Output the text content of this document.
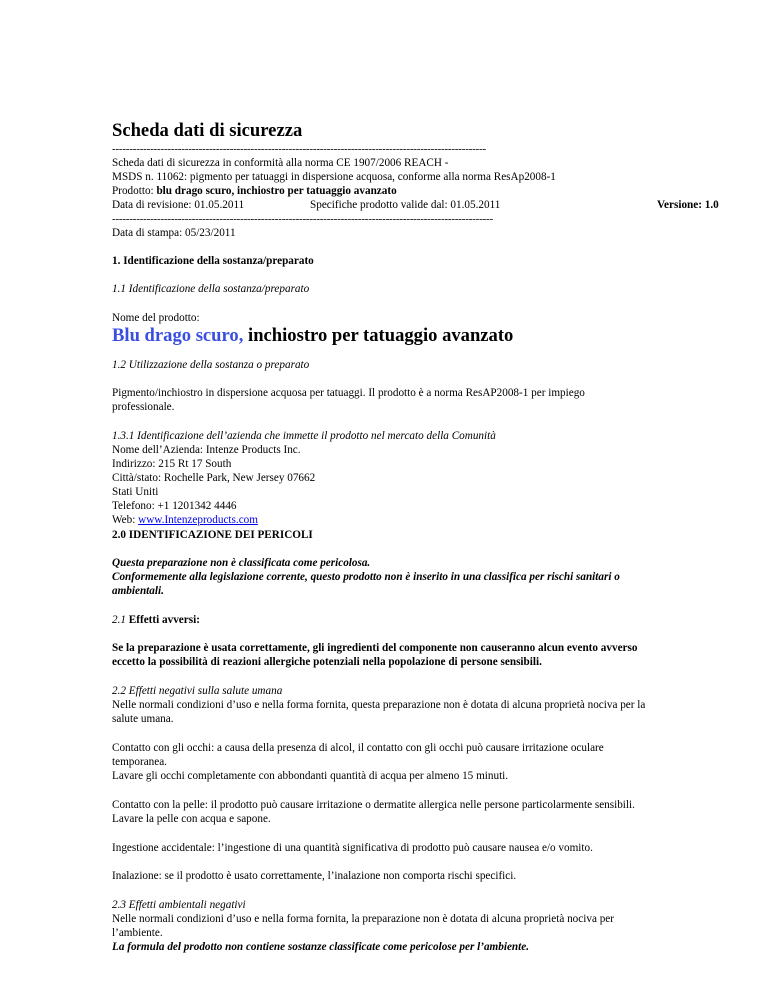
Scheda dati di sicurezza
------------------------------------------------------------------------------------------------------------
Scheda dati di sicurezza in conformità alla norma CE 1907/2006 REACH -
MSDS n. 11062: pigmento per tatuaggi in dispersione acquosa, conforme alla norma ResAp2008-1
Prodotto: blu drago scuro, inchiostro per tatuaggio avanzato
Data di revisione: 01.05.2011	Specifiche prodotto valide dal: 01.05.2011	Versione: 1.0
--------------------------------------------------------------------------------------------------------------
Data di stampa: 05/23/2011
1. Identificazione della sostanza/preparato
1.1 Identificazione della sostanza/preparato
Nome del prodotto:
Blu drago scuro, inchiostro per tatuaggio avanzato
1.2 Utilizzazione della sostanza o preparato
Pigmento/inchiostro in dispersione acquosa per tatuaggi. Il prodotto è a norma ResAP2008-1 per impiego
professionale.
1.3.1 Identificazione dell’azienda che immette il prodotto nel mercato della Comunità
Nome dell’Azienda: Intenze Products Inc.
Indirizzo: 215 Rt 17 South
Città/stato: Rochelle Park, New Jersey 07662
Stati Uniti
Telefono: +1 1201342 4446
Web: www.Intenzeproducts.com
2.0 IDENTIFICAZIONE DEI PERICOLI
Questa preparazione non è classificata come pericolosa.
Conformemente alla legislazione corrente, questo prodotto non è inserito in una classifica per rischi sanitari o
ambientali.
2.1 Effetti avversi:
Se la preparazione è usata correttamente, gli ingredienti del componente non causeranno alcun evento avverso
eccetto la possibilità di reazioni allergiche potenziali nella popolazione di persone sensibili.
2.2 Effetti negativi sulla salute umana
Nelle normali condizioni d’uso e nella forma fornita, questa preparazione non è dotata di alcuna proprietà nociva per la
salute umana.
Contatto con gli occhi: a causa della presenza di alcol, il contatto con gli occhi può causare irritazione oculare
temporanea.
Lavare gli occhi completamente con abbondanti quantità di acqua per almeno 15 minuti.
Contatto con la pelle: il prodotto può causare irritazione o dermatite allergica nelle persone particolarmente sensibili.
Lavare la pelle con acqua e sapone.
Ingestione accidentale: l’ingestione di una quantità significativa di prodotto può causare nausea e/o vomito.
Inalazione: se il prodotto è usato correttamente, l’inalazione non comporta rischi specifici.
2.3 Effetti ambientali negativi
Nelle normali condizioni d’uso e nella forma fornita, la preparazione non è dotata di alcuna proprietà nociva per
l’ambiente.
La formula del prodotto non contiene sostanze classificate come pericolose per l’ambiente.
